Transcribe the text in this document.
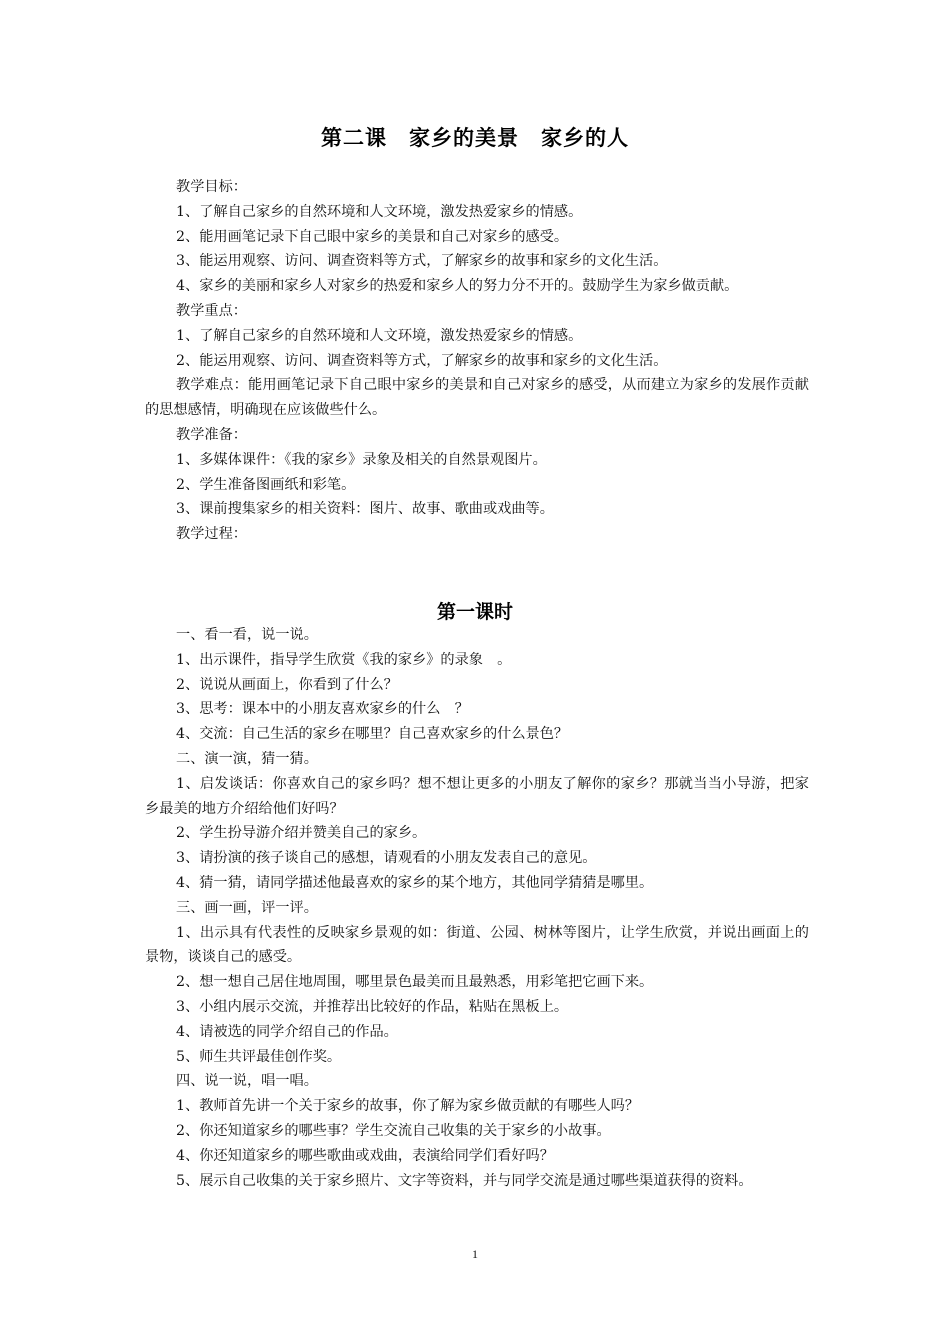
第二课　家乡的美景　家乡的人

教学目标：

1、了解自己家乡的自然环境和人文环境，激发热爱家乡的情感。

2、能用画笔记录下自己眼中家乡的美景和自己对家乡的感受。

3、能运用观察、访问、调查资料等方式，了解家乡的故事和家乡的文化生活。

4、家乡的美丽和家乡人对家乡的热爱和家乡人的努力分不开的。鼓励学生为家乡做贡献。

教学重点：

1、了解自己家乡的自然环境和人文环境，激发热爱家乡的情感。

2、能运用观察、访问、调查资料等方式，了解家乡的故事和家乡的文化生活。

教学难点：能用画笔记录下自己眼中家乡的美景和自己对家乡的感受，从而建立为家乡的发展作贡献的思想感情，明确现在应该做些什么。

教学准备：

1、多媒体课件：《我的家乡》录象及相关的自然景观图片。

2、学生准备图画纸和彩笔。

3、课前搜集家乡的相关资料：图片、故事、歌曲或戏曲等。

教学过程：

第一课时

一、看一看，说一说。

1、出示课件，指导学生欣赏《我的家乡》的录象　。

2、说说从画面上，你看到了什么？

3、思考：课本中的小朋友喜欢家乡的什么　？

4、交流：自己生活的家乡在哪里？自己喜欢家乡的什么景色？

二、演一演，猜一猜。

1、启发谈话：你喜欢自己的家乡吗？想不想让更多的小朋友了解你的家乡？那就当当小导游，把家乡最美的地方介绍给他们好吗？

2、学生扮导游介绍并赞美自己的家乡。

3、请扮演的孩子谈自己的感想，请观看的小朋友发表自己的意见。

4、猜一猜，请同学描述他最喜欢的家乡的某个地方，其他同学猜猜是哪里。

三、画一画，评一评。

1、出示具有代表性的反映家乡景观的如：街道、公园、树林等图片，让学生欣赏，并说出画面上的景物，谈谈自己的感受。

2、想一想自己居住地周围，哪里景色最美而且最熟悉，用彩笔把它画下来。

3、小组内展示交流，并推荐出比较好的作品，粘贴在黑板上。

4、请被选的同学介绍自己的作品。

5、师生共评最佳创作奖。

四、说一说，唱一唱。

1、教师首先讲一个关于家乡的故事，你了解为家乡做贡献的有哪些人吗？

2、你还知道家乡的哪些事？学生交流自己收集的关于家乡的小故事。

4、你还知道家乡的哪些歌曲或戏曲，表演给同学们看好吗？

5、展示自己收集的关于家乡照片、文字等资料，并与同学交流是通过哪些渠道获得的资料。

1
